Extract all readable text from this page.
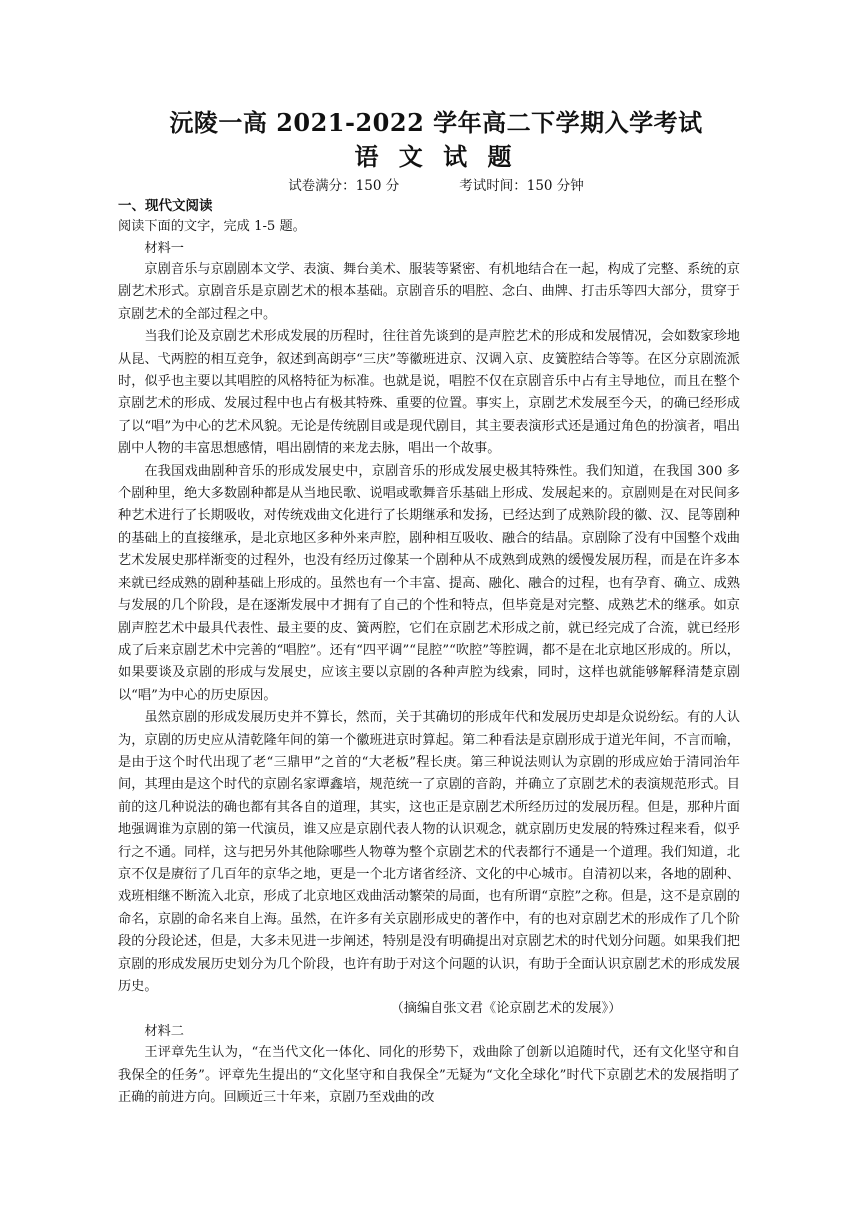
沅陵一高 2021-2022 学年高二下学期入学考试
语 文 试 题
试卷满分：150 分	考试时间：150 分钟
一、现代文阅读
阅读下面的文字，完成 1-5 题。
材料一

京剧音乐与京剧剧本文学、表演、舞台美术、服装等紧密、有机地结合在一起，构成了完整、系统的京剧艺术形式。京剧音乐是京剧艺术的根本基础。京剧音乐的唱腔、念白、曲牌、打击乐等四大部分，贯穿于京剧艺术的全部过程之中。

当我们论及京剧艺术形成发展的历程时，往往首先谈到的是声腔艺术的形成和发展情况，会如数家珍地从昆、弋两腔的相互竞争，叙述到高朗亭“三庆”等徽班进京、汉调入京、皮簧腔结合等等。在区分京剧流派时，似乎也主要以其唱腔的风格特征为标准。也就是说，唱腔不仅在京剧音乐中占有主导地位，而且在整个京剧艺术的形成、发展过程中也占有极其特殊、重要的位置。事实上，京剧艺术发展至今天，的确已经形成了以“唱”为中心的艺术风貌。无论是传统剧目或是现代剧目，其主要表演形式还是通过角色的扮演者，唱出剧中人物的丰富思想感情，唱出剧情的来龙去脉，唱出一个故事。

在我国戏曲剧种音乐的形成发展史中，京剧音乐的形成发展史极其特殊性。我们知道，在我国 300 多个剧种里，绝大多数剧种都是从当地民歌、说唱或歌舞音乐基础上形成、发展起来的。京剧则是在对民间多种艺术进行了长期吸收，对传统戏曲文化进行了长期继承和发扬，已经达到了成熟阶段的徽、汉、昆等剧种的基础上的直接继承，是北京地区多种外来声腔，剧种相互吸收、融合的结晶。京剧除了没有中国整个戏曲艺术发展史那样渐变的过程外，也没有经历过像某一个剧种从不成熟到成熟的缓慢发展历程，而是在许多本来就已经成熟的剧种基础上形成的。虽然也有一个丰富、提高、融化、融合的过程，也有孕育、确立、成熟与发展的几个阶段，是在逐渐发展中才拥有了自己的个性和特点，但毕竟是对完整、成熟艺术的继承。如京剧声腔艺术中最具代表性、最主要的皮、簧两腔，它们在京剧艺术形成之前，就已经完成了合流，就已经形成了后来京剧艺术中完善的“唱腔”。还有“四平调”“昆腔”“吹腔”等腔调，都不是在北京地区形成的。所以，如果要谈及京剧的形成与发展史，应该主要以京剧的各种声腔为线索，同时，这样也就能够解释清楚京剧以“唱”为中心的历史原因。

虽然京剧的形成发展历史并不算长，然而，关于其确切的形成年代和发展历史却是众说纷纭。有的人认为，京剧的历史应从清乾隆年间的第一个徽班进京时算起。第二种看法是京剧形成于道光年间，不言而喻，是由于这个时代出现了老“三鼎甲”之首的“大老板”程长庚。第三种说法则认为京剧的形成应始于清同治年间，其理由是这个时代的京剧名家谭鑫培，规范统一了京剧的音韵，并确立了京剧艺术的表演规范形式。目前的这几种说法的确也都有其各自的道理，其实，这也正是京剧艺术所经历过的发展历程。但是，那种片面地强调谁为京剧的第一代演员，谁又应是京剧代表人物的认识观念，就京剧历史发展的特殊过程来看，似乎行之不通。同样，这与把另外其他除哪些人物尊为整个京剧艺术的代表都行不通是一个道理。我们知道，北京不仅是赓衍了几百年的京华之地，更是一个北方诸省经济、文化的中心城市。自清初以来，各地的剧种、戏班相继不断流入北京，形成了北京地区戏曲活动繁荣的局面，也有所谓“京腔”之称。但是，这不是京剧的命名，京剧的命名来自上海。虽然，在许多有关京剧形成史的著作中，有的也对京剧艺术的形成作了几个阶段的分段论述，但是，大多未见进一步阐述，特别是没有明确提出对京剧艺术的时代划分问题。如果我们把京剧的形成发展历史划分为几个阶段，也许有助于对这个问题的认识，有助于全面认识京剧艺术的形成发展历史。

（摘编自张文君《论京剧艺术的发展》）
材料二

王评章先生认为，“在当代文化一体化、同化的形势下，戏曲除了创新以追随时代，还有文化坚守和自我保全的任务”。评章先生提出的“文化坚守和自我保全”无疑为“文化全球化”时代下京剧艺术的发展指明了正确的前进方向。回顾近三十年来，京剧乃至戏曲的改
